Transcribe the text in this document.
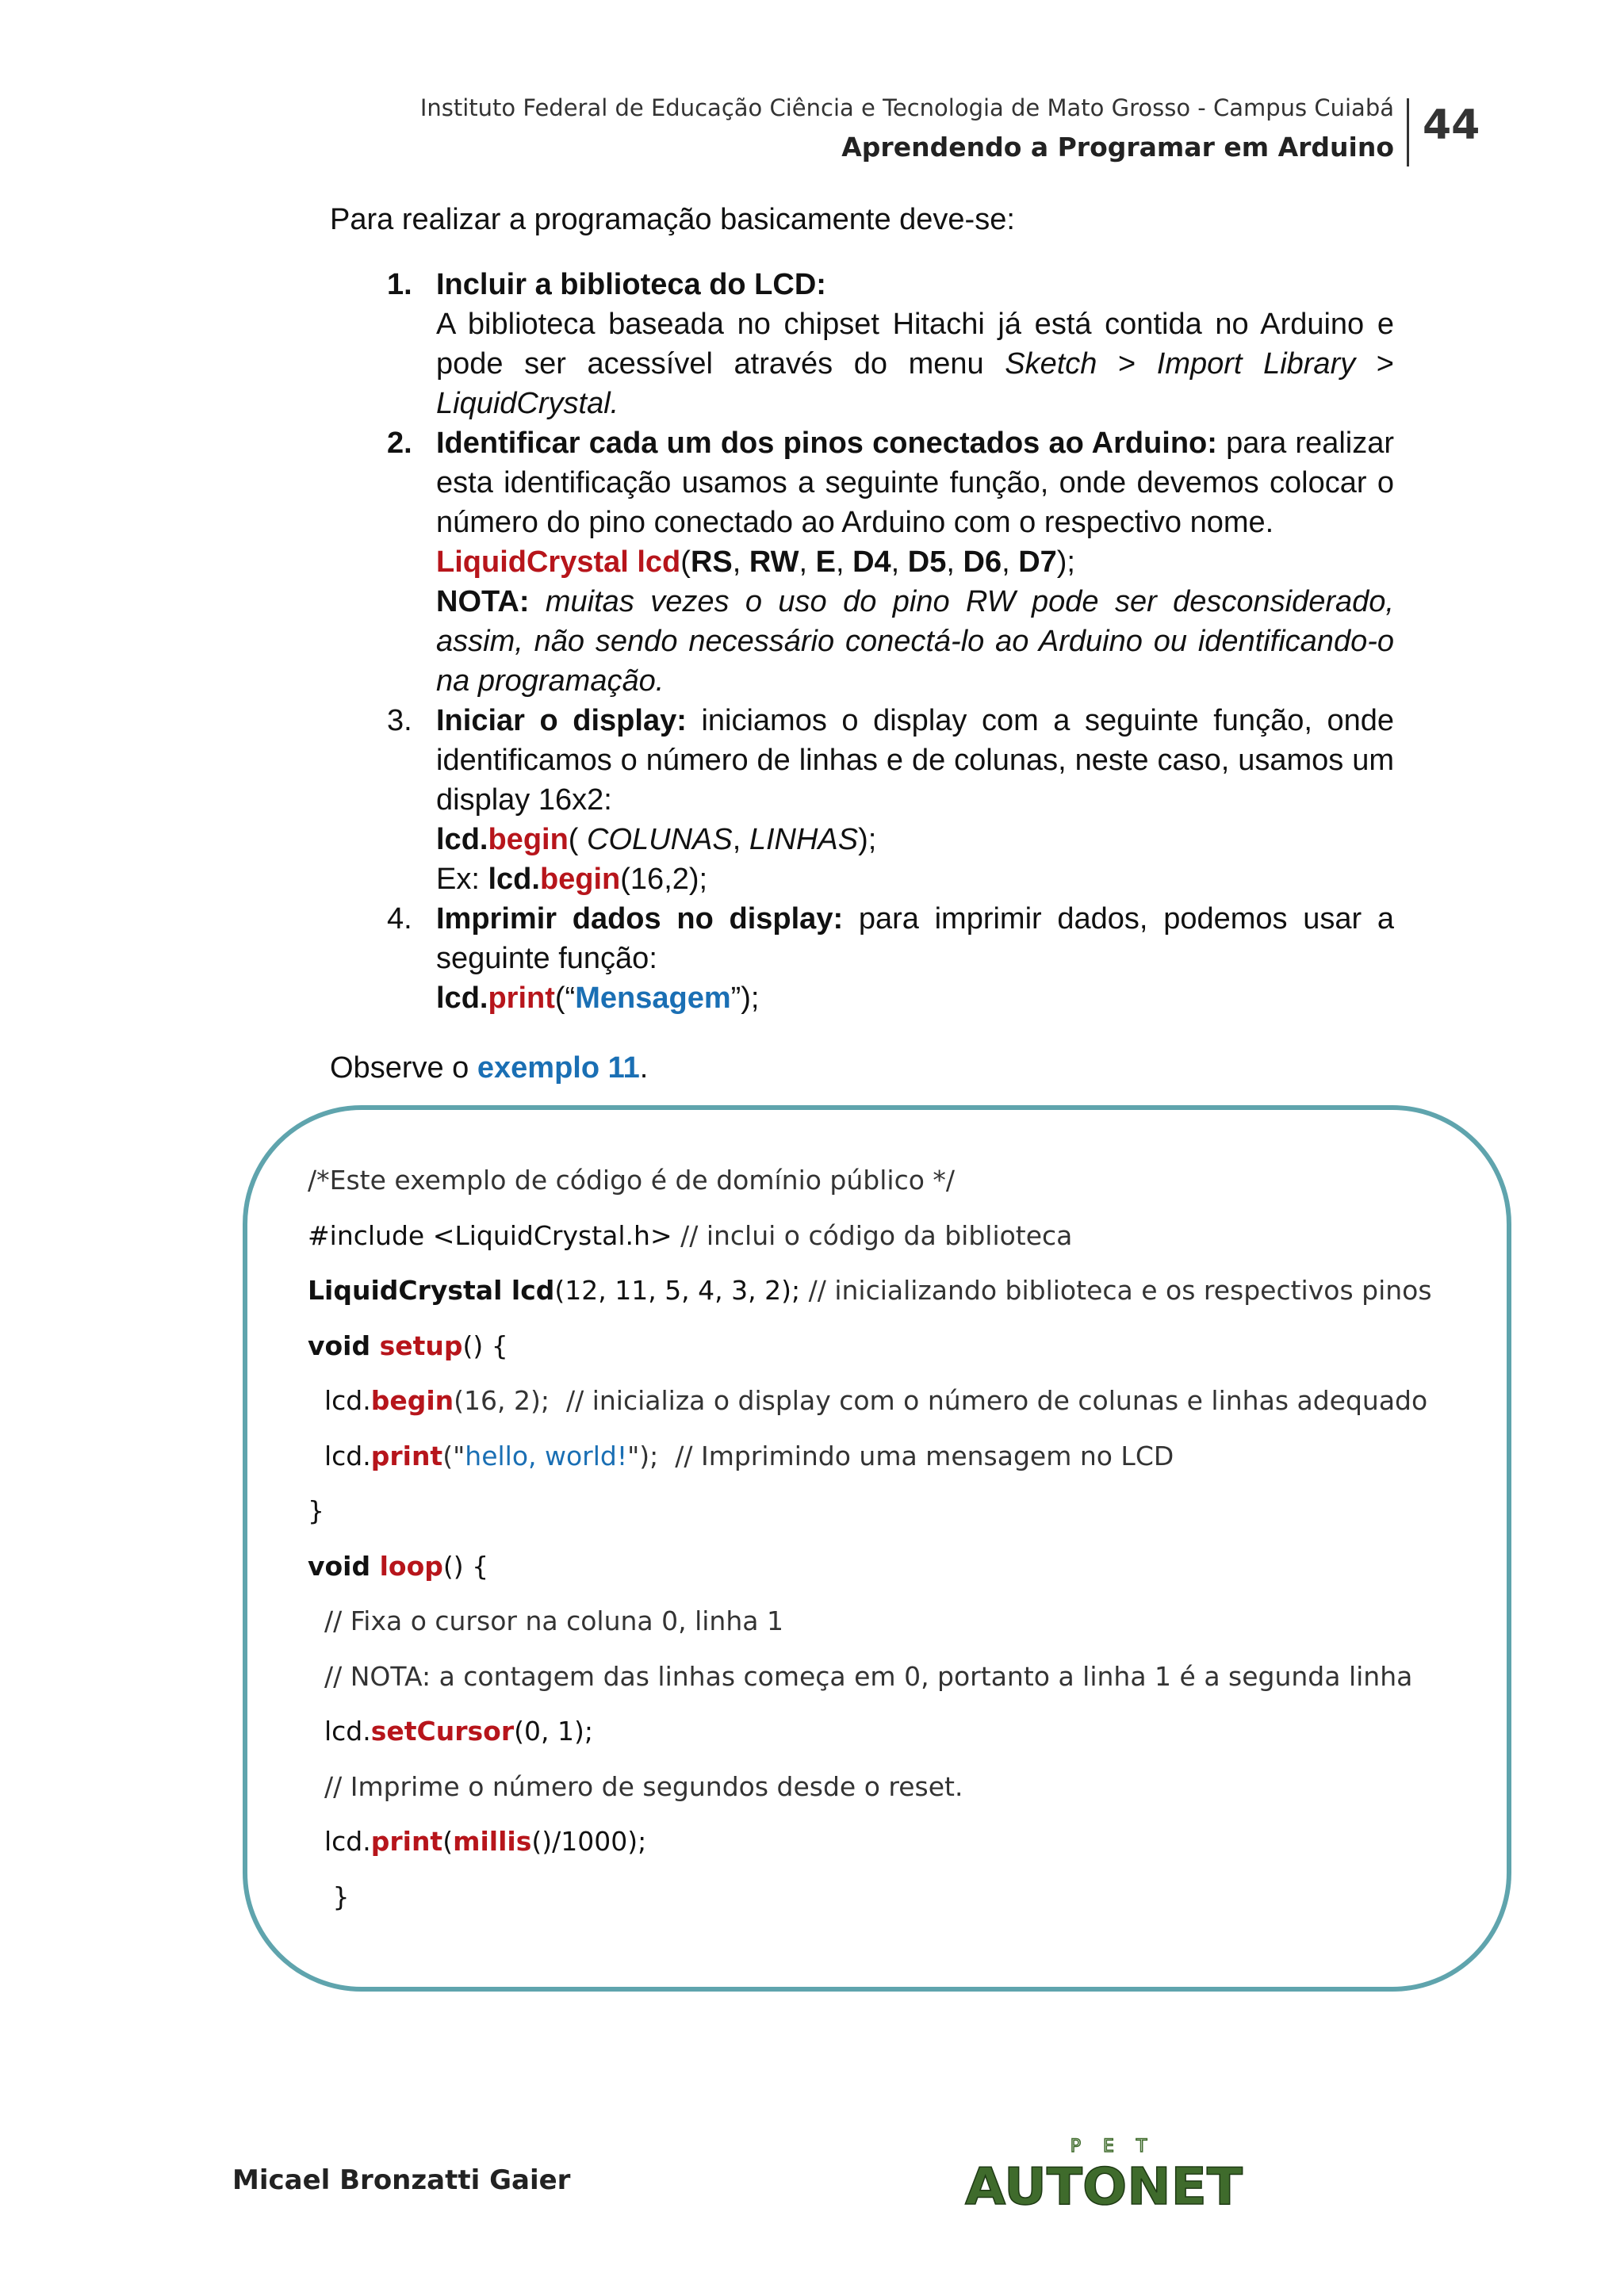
Instituto Federal de Educação Ciência e Tecnologia de Mato Grosso - Campus Cuiabá
Aprendendo a Programar em Arduino 44
Para realizar a programação basicamente deve-se:
1. Incluir a biblioteca do LCD:
A biblioteca baseada no chipset Hitachi já está contida no Arduino e pode ser acessível através do menu Sketch > Import Library > LiquidCrystal.
2. Identificar cada um dos pinos conectados ao Arduino: para realizar esta identificação usamos a seguinte função, onde devemos colocar o número do pino conectado ao Arduino com o respectivo nome.
LiquidCrystal lcd(RS, RW, E, D4, D5, D6, D7);
NOTA: muitas vezes o uso do pino RW pode ser desconsiderado, assim, não sendo necessário conectá-lo ao Arduino ou identificando-o na programação.
3. Iniciar o display: iniciamos o display com a seguinte função, onde identificamos o número de linhas e de colunas, neste caso, usamos um display 16x2:
lcd.begin( COLUNAS, LINHAS);
Ex: lcd.begin(16,2);
4. Imprimir dados no display: para imprimir dados, podemos usar a seguinte função:
lcd.print(“Mensagem”);
Observe o exemplo 11.
/*Este exemplo de código é de domínio público */
#include <LiquidCrystal.h> // inclui o código da biblioteca
LiquidCrystal lcd(12, 11, 5, 4, 3, 2); // inicializando biblioteca e os respectivos pinos
void setup() {
lcd.begin(16, 2);  // inicializa o display com o número de colunas e linhas adequado
lcd.print("hello, world!");  // Imprimindo uma mensagem no LCD
}
void loop() {
// Fixa o cursor na coluna 0, linha 1
// NOTA: a contagem das linhas começa em 0, portanto a linha 1 é a segunda linha
lcd.setCursor(0, 1);
// Imprime o número de segundos desde o reset.
lcd.print(millis()/1000);
}
Micael Bronzatti Gaier
PET
AUTONET
